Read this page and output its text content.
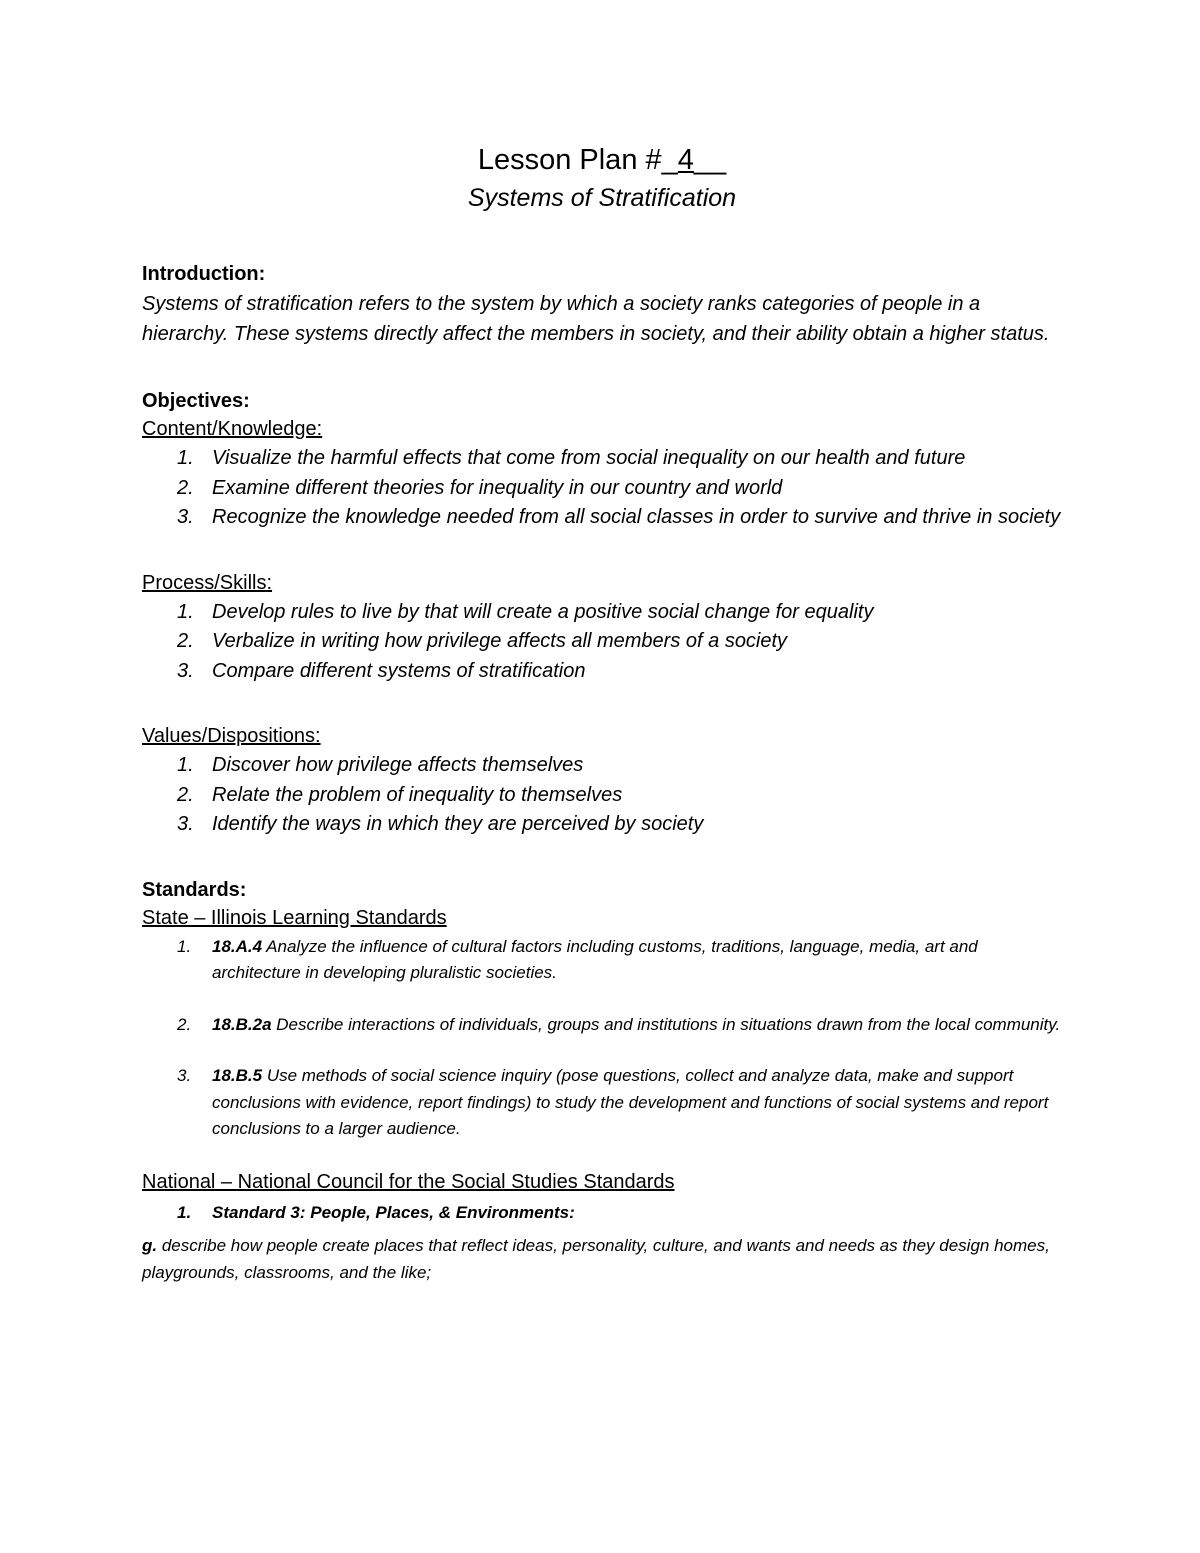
Lesson Plan #_4__
Systems of Stratification
Introduction:

Systems of stratification refers to the system by which a society ranks categories of people in a hierarchy. These systems directly affect the members in society, and their ability obtain a higher status.

Objectives:
Content/Knowledge:
1. Visualize the harmful effects that come from social inequality on our health and future
2. Examine different theories for inequality in our country and world
3. Recognize the knowledge needed from all social classes in order to survive and thrive in society
Process/Skills:
1. Develop rules to live by that will create a positive social change for equality
2. Verbalize in writing how privilege affects all members of a society
3. Compare different systems of stratification
Values/Dispositions:
1. Discover how privilege affects themselves
2. Relate the problem of inequality to themselves
3. Identify the ways in which they are perceived by society
Standards:
State – Illinois Learning Standards
1. 18.A.4 Analyze the influence of cultural factors including customs, traditions, language, media, art and architecture in developing pluralistic societies.
2. 18.B.2a Describe interactions of individuals, groups and institutions in situations drawn from the local community.
3. 18.B.5 Use methods of social science inquiry (pose questions, collect and analyze data, make and support conclusions with evidence, report findings) to study the development and functions of social systems and report conclusions to a larger audience.
National – National Council for the Social Studies Standards
1. Standard 3: People, Places, & Environments:

g. describe how people create places that reflect ideas, personality, culture, and wants and needs as they design homes, playgrounds, classrooms, and the like;
